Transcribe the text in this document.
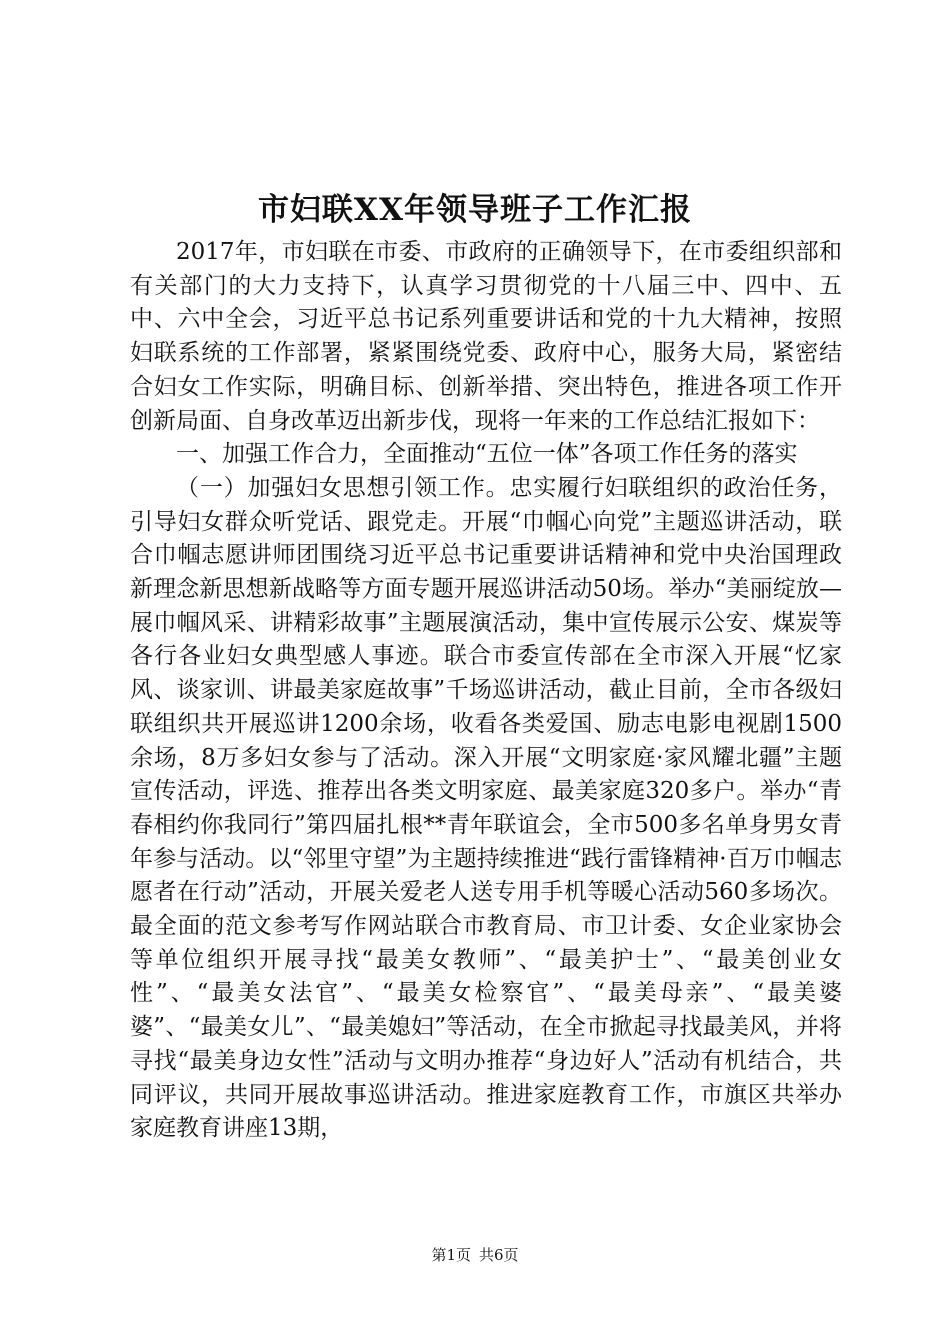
市妇联XX年领导班子工作汇报

2017年，市妇联在市委、市政府的正确领导下，在市委组织部和有关部门的大力支持下，认真学习贯彻党的十八届三中、四中、五中、六中全会，习近平总书记系列重要讲话和党的十九大精神，按照妇联系统的工作部署，紧紧围绕党委、政府中心，服务大局，紧密结合妇女工作实际，明确目标、创新举措、突出特色，推进各项工作开创新局面、自身改革迈出新步伐，现将一年来的工作总结汇报如下：

一、加强工作合力，全面推动“五位一体”各项工作任务的落实

（一）加强妇女思想引领工作。忠实履行妇联组织的政治任务，引导妇女群众听党话、跟党走。开展“巾帼心向党”主题巡讲活动，联合巾帼志愿讲师团围绕习近平总书记重要讲话精神和党中央治国理政新理念新思想新战略等方面专题开展巡讲活动50场。举办“美丽绽放—展巾帼风采、讲精彩故事”主题展演活动，集中宣传展示公安、煤炭等各行各业妇女典型感人事迹。联合市委宣传部在全市深入开展“忆家风、谈家训、讲最美家庭故事”千场巡讲活动，截止目前，全市各级妇联组织共开展巡讲1200余场，收看各类爱国、励志电影电视剧1500余场，8万多妇女参与了活动。深入开展“文明家庭·家风耀北疆”主题宣传活动，评选、推荐出各类文明家庭、最美家庭320多户。举办“青春相约你我同行”第四届扎根**青年联谊会，全市500多名单身男女青年参与活动。以“邻里守望”为主题持续推进“践行雷锋精神·百万巾帼志愿者在行动”活动，开展关爱老人送专用手机等暖心活动560多场次。最全面的范文参考写作网站联合市教育局、市卫计委、女企业家协会等单位组织开展寻找“最美女教师”、“最美护士”、“最美创业女性”、“最美女法官”、“最美女检察官”、“最美母亲”、“最美婆婆”、“最美女儿”、“最美媳妇”等活动，在全市掀起寻找最美风，并将寻找“最美身边女性”活动与文明办推荐“身边好人”活动有机结合，共同评议，共同开展故事巡讲活动。推进家庭教育工作，市旗区共举办家庭教育讲座13期，

第1页 共6页
